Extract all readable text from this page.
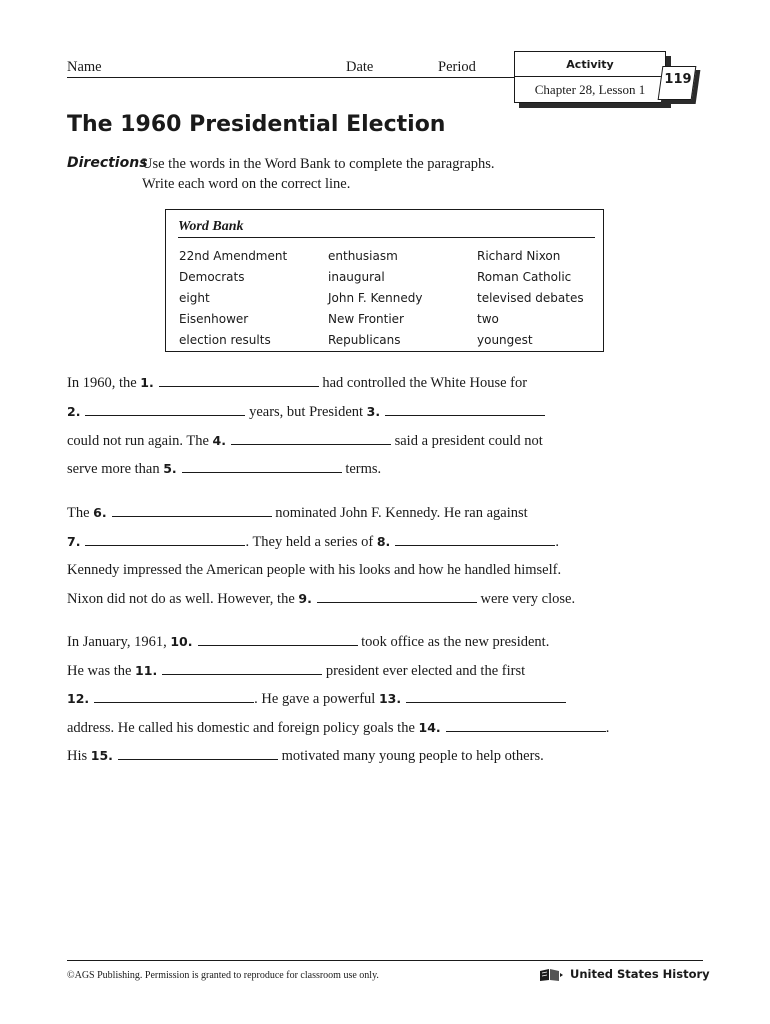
Name	Date	Period	Activity
Chapter 28, Lesson 1
119
The 1960 Presidential Election
Directions
Use the words in the Word Bank to complete the paragraphs.
Write each word on the correct line.
Word Bank
22nd Amendment
Democrats
eight
Eisenhower
election results
enthusiasm
inaugural
John F. Kennedy
New Frontier
Republicans
Richard Nixon
Roman Catholic
televised debates
two
youngest
In 1960, the 1.	had controlled the White House for
2.	years, but President 3.
could not run again. The 4.	said a president could not
serve more than 5.	terms.
The 6.	nominated John F. Kennedy. He ran against
7.	. They held a series of 8.	.
Kennedy impressed the American people with his looks and how he handled himself.
Nixon did not do as well. However, the 9.	were very close.
In January, 1961, 10.	took office as the new president.
He was the 11.	president ever elected and the first
12.	. He gave a powerful 13.
address. He called his domestic and foreign policy goals the 14.	.
His 15.	motivated many young people to help others.
©AGS Publishing. Permission is granted to reproduce for classroom use only.	United States History
